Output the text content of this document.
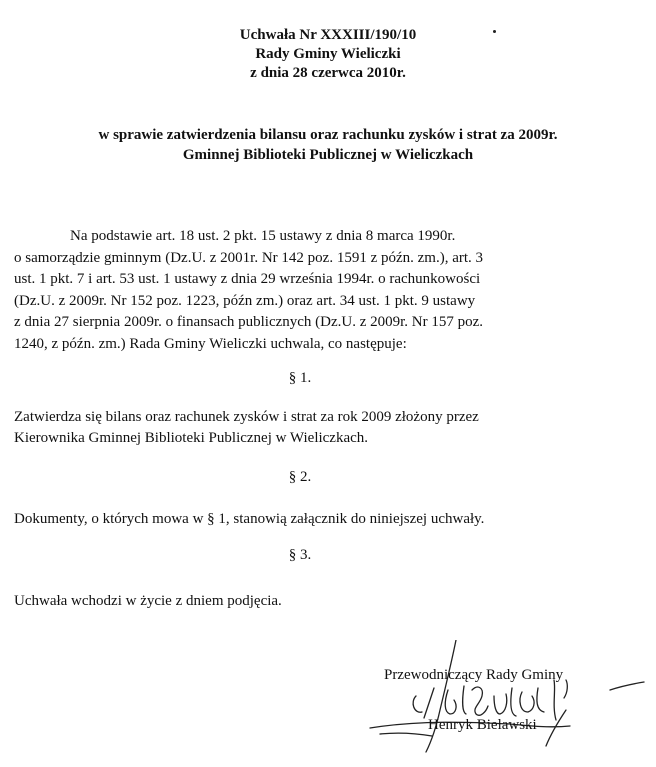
Uchwała Nr XXXIII/190/10
Rady Gminy Wieliczki
z dnia 28 czerwca 2010r.
w sprawie zatwierdzenia bilansu oraz rachunku zysków i strat za 2009r.
Gminnej Biblioteki Publicznej w Wieliczkach
Na podstawie art. 18 ust. 2 pkt. 15 ustawy z dnia 8 marca 1990r.
o samorządzie gminnym (Dz.U. z 2001r. Nr 142 poz. 1591 z późn. zm.), art. 3
ust. 1 pkt. 7 i art. 53 ust. 1 ustawy z dnia 29 września 1994r. o rachunkowości
(Dz.U. z 2009r. Nr 152 poz. 1223, późn zm.) oraz art. 34 ust. 1 pkt. 9 ustawy
z dnia 27 sierpnia 2009r. o finansach publicznych (Dz.U. z 2009r. Nr 157 poz.
1240, z późn. zm.) Rada Gminy Wieliczki uchwala, co następuje:
§ 1.
Zatwierdza się bilans oraz rachunek zysków i strat za rok 2009 złożony przez
Kierownika Gminnej Biblioteki Publicznej w Wieliczkach.
§ 2.
Dokumenty, o których mowa w § 1, stanowią załącznik do niniejszej uchwały.
§ 3.
Uchwała wchodzi w życie z dniem podjęcia.
Przewodniczący Rady Gminy
Henryk Bielawski
